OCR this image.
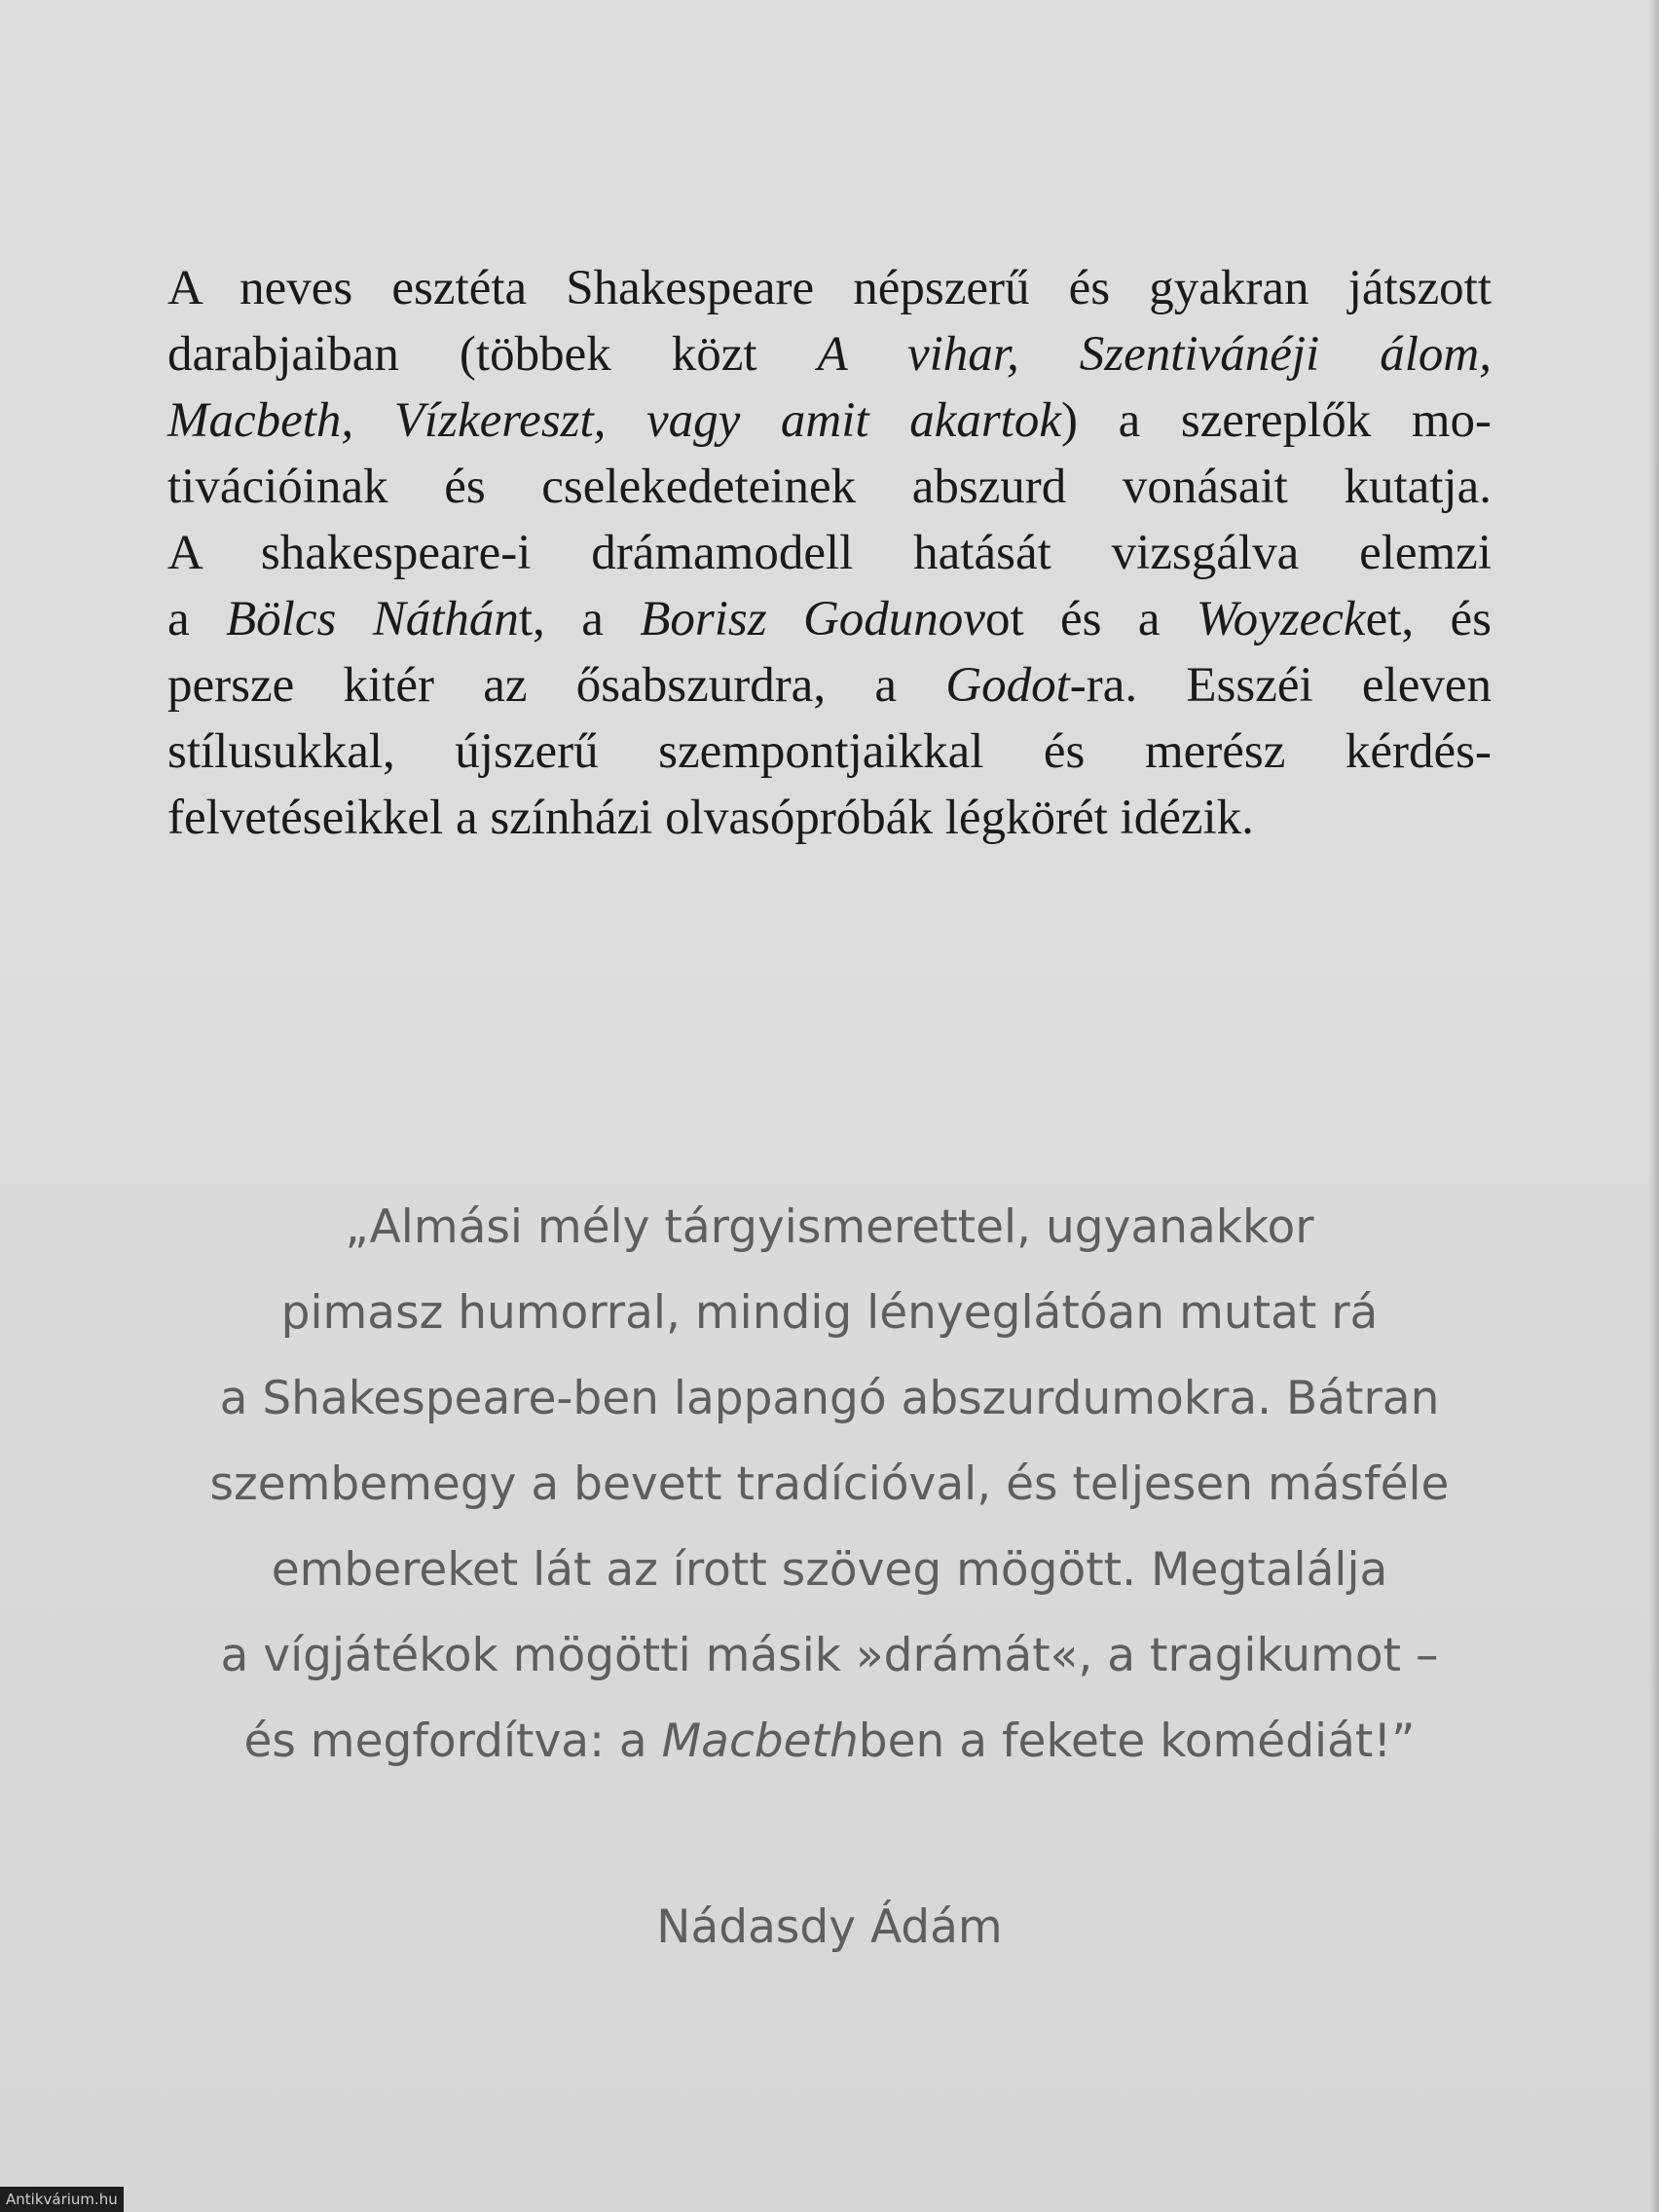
A neves esztéta Shakespeare népszerű és gyakran játszott
darabjaiban (többek közt A vihar, Szentivánéji álom,
Macbeth, Vízkereszt, vagy amit akartok) a szereplők mo-
tivációinak és cselekedeteinek abszurd vonásait kutatja.
A shakespeare-i drámamodell hatását vizsgálva elemzi
a Bölcs Náthánt, a Borisz Godunovot és a Woyzecket, és
persze kitér az ősabszurdra, a Godot-ra. Esszéi eleven
stílusukkal, újszerű szempontjaikkal és merész kérdés-
felvetéseikkel a színházi olvasópróbák légkörét idézik.
„Almási mély tárgyismerettel, ugyanakkor
pimasz humorral, mindig lényeglátóan mutat rá
a Shakespeare-ben lappangó abszurdumokra. Bátran
szembemegy a bevett tradícióval, és teljesen másféle
embereket lát az írott szöveg mögött. Megtalálja
a vígjátékok mögötti másik »drámát«, a tragikumot –
és megfordítva: a Macbethben a fekete komédiát!”
Nádasdy Ádám
Antikvárium.hu
